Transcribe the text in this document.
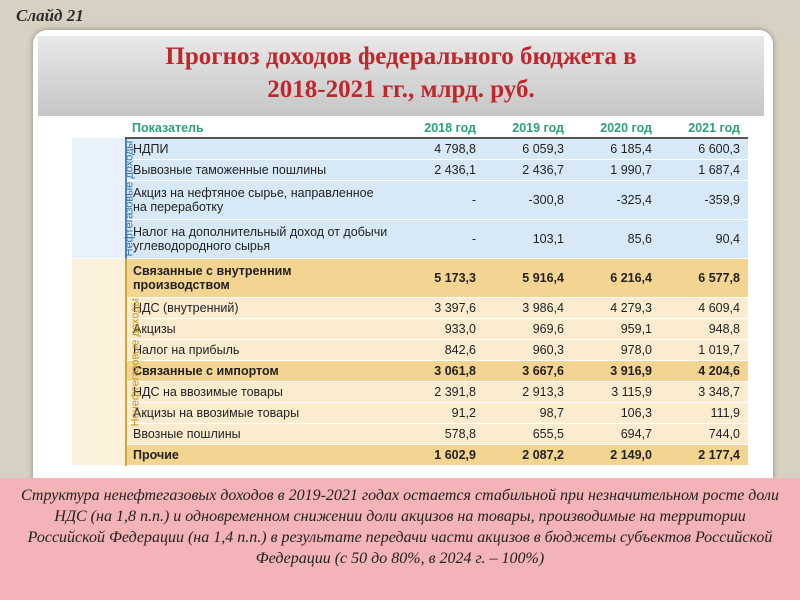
Слайд 21
Прогноз доходов федерального бюджета в
2018-2021 гг., млрд. руб.
	Показатель	2018 год	2019 год	2020 год	2021 год
Нефтегазовые доходы	НДПИ	4 798,8	6 059,3	6 185,4	6 600,3
	Вывозные таможенные пошлины	2 436,1	2 436,7	1 990,7	1 687,4
	Акциз на нефтяное сырье, направленное на переработку	-	-300,8	-325,4	-359,9
	Налог на дополнительный доход от добычи углеводородного сырья	-	103,1	85,6	90,4
Ненефтегазовые доходы	Связанные с внутренним производством	5 173,3	5 916,4	6 216,4	6 577,8
	НДС (внутренний)	3 397,6	3 986,4	4 279,3	4 609,4
	Акцизы	933,0	969,6	959,1	948,8
	Налог на прибыль	842,6	960,3	978,0	1 019,7
	Связанные с импортом	3 061,8	3 667,6	3 916,9	4 204,6
	НДС на ввозимые товары	2 391,8	2 913,3	3 115,9	3 348,7
	Акцизы на ввозимые товары	91,2	98,7	106,3	111,9
	Ввозные пошлины	578,8	655,5	694,7	744,0
	Прочие	1 602,9	2 087,2	2 149,0	2 177,4
Структура ненефтегазовых доходов в 2019-2021 годах остается стабильной при незначительном росте доли НДС (на 1,8 п.п.) и одновременном снижении доли акцизов на товары, производимые на территории Российской Федерации (на 1,4 п.п.) в результате передачи части акцизов в бюджеты субъектов Российской Федерации (с 50 до 80%, в 2024 г. – 100%)
